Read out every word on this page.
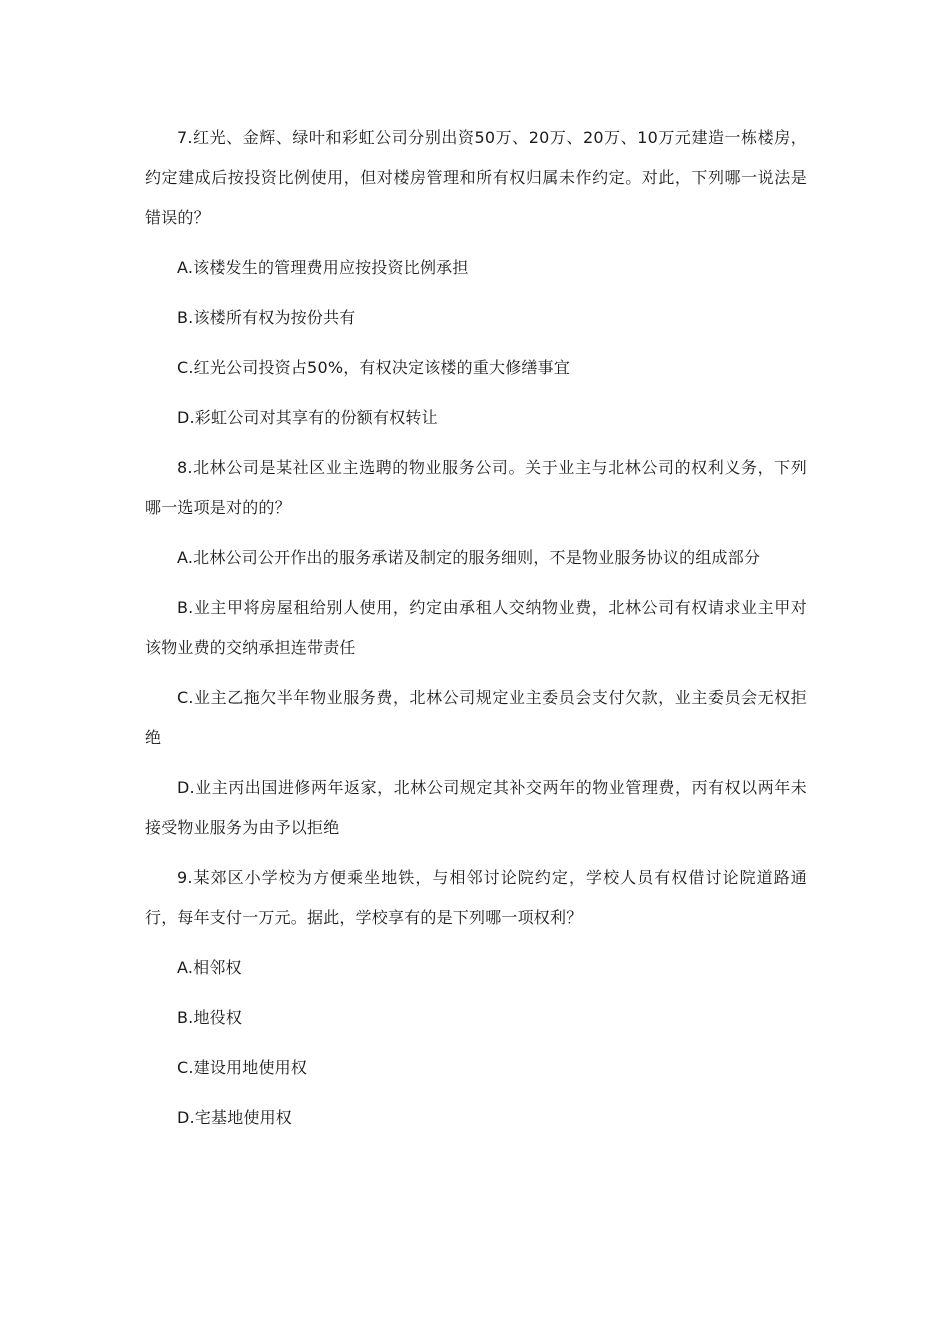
7.红光、金辉、绿叶和彩虹公司分别出资50万、20万、20万、10万元建造一栋楼房，约定建成后按投资比例使用，但对楼房管理和所有权归属未作约定。对此，下列哪一说法是错误的？

A.该楼发生的管理费用应按投资比例承担

B.该楼所有权为按份共有

C.红光公司投资占50%，有权决定该楼的重大修缮事宜

D.彩虹公司对其享有的份额有权转让

8.北林公司是某社区业主选聘的物业服务公司。关于业主与北林公司的权利义务，下列哪一选项是对的的？

A.北林公司公开作出的服务承诺及制定的服务细则，不是物业服务协议的组成部分

B.业主甲将房屋租给别人使用，约定由承租人交纳物业费，北林公司有权请求业主甲对该物业费的交纳承担连带责任

C.业主乙拖欠半年物业服务费，北林公司规定业主委员会支付欠款，业主委员会无权拒绝

D.业主丙出国进修两年返家，北林公司规定其补交两年的物业管理费，丙有权以两年未接受物业服务为由予以拒绝

9.某郊区小学校为方便乘坐地铁，与相邻讨论院约定，学校人员有权借讨论院道路通行，每年支付一万元。据此，学校享有的是下列哪一项权利？

A.相邻权

B.地役权

C.建设用地使用权

D.宅基地使用权
